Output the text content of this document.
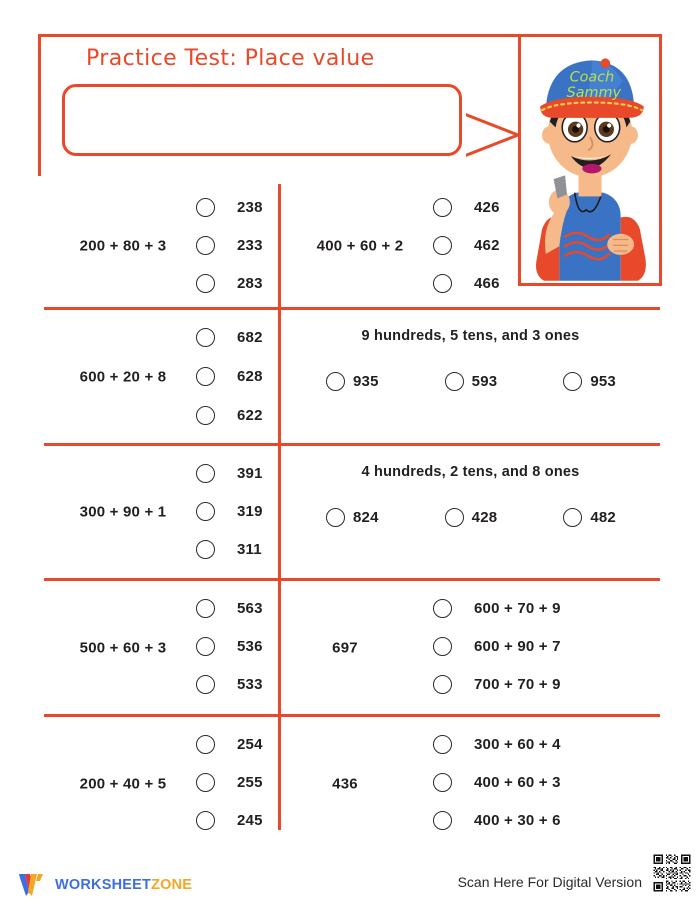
Practice Test: Place value
Coach
Sammy
200 + 80 + 3
238
233
283
400 + 60 + 2
426
462
466
600 + 20 + 8
682
628
622
9 hundreds, 5 tens, and 3 ones
935	593	953
300 + 90 + 1
391
319
311
4 hundreds, 2 tens, and 8 ones
824	428	482
500 + 60 + 3
563
536
533
697
600 + 70 + 9
600 + 90 + 7
700 + 70 + 9
200 + 40 + 5
254
255
245
436
300 + 60 + 4
400 + 60 + 3
400 + 30 + 6
WORKSHEETZONE	Scan Here For Digital Version
